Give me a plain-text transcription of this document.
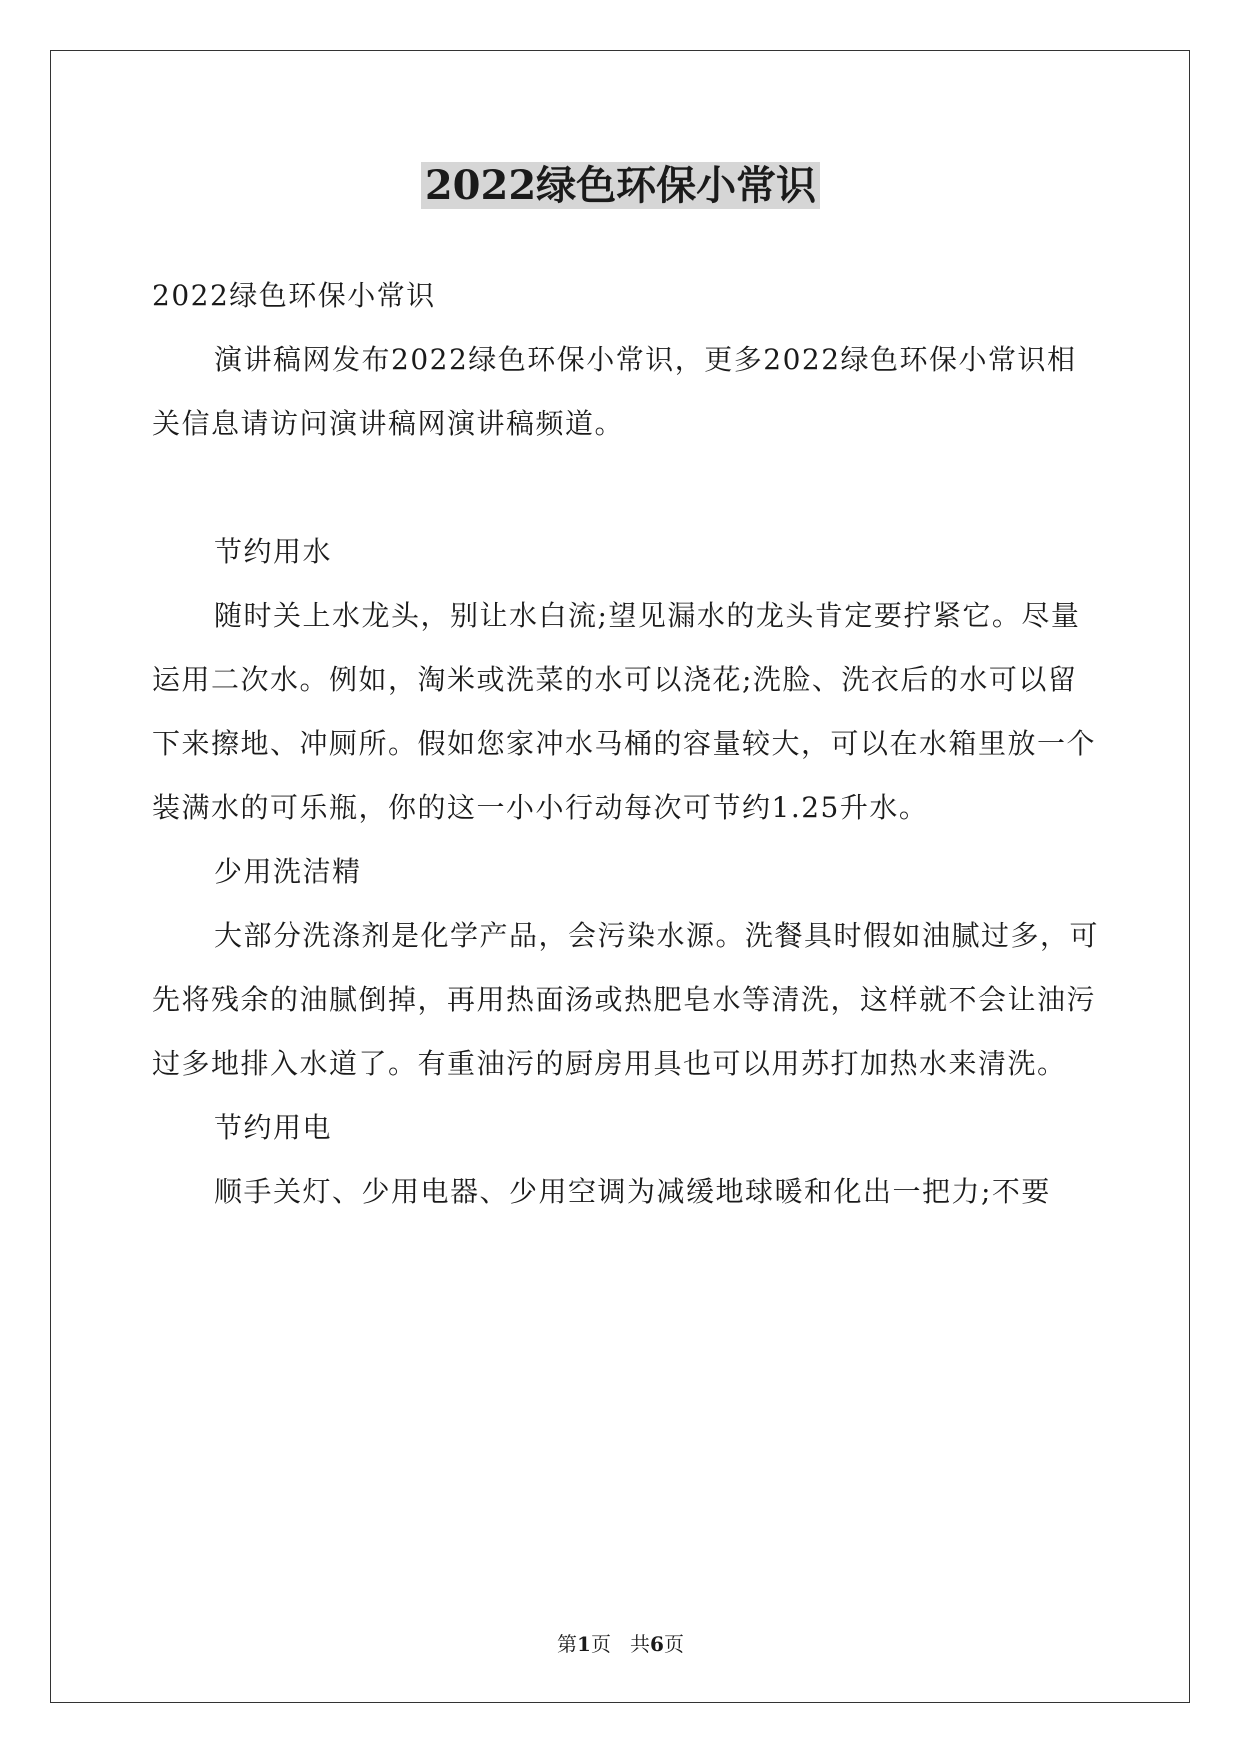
2022绿色环保小常识

2022绿色环保小常识

演讲稿网发布2022绿色环保小常识，更多2022绿色环保小常识相关信息请访问演讲稿网演讲稿频道。

节约用水

随时关上水龙头，别让水白流;望见漏水的龙头肯定要拧紧它。尽量运用二次水。例如，淘米或洗菜的水可以浇花;洗脸、洗衣后的水可以留下来擦地、冲厕所。假如您家冲水马桶的容量较大，可以在水箱里放一个装满水的可乐瓶，你的这一小小行动每次可节约1.25升水。

少用洗洁精

大部分洗涤剂是化学产品，会污染水源。洗餐具时假如油腻过多，可先将残余的油腻倒掉，再用热面汤或热肥皂水等清洗，这样就不会让油污过多地排入水道了。有重油污的厨房用具也可以用苏打加热水来清洗。

节约用电

顺手关灯、少用电器、少用空调为减缓地球暖和化出一把力;不要

第1页 共6页
